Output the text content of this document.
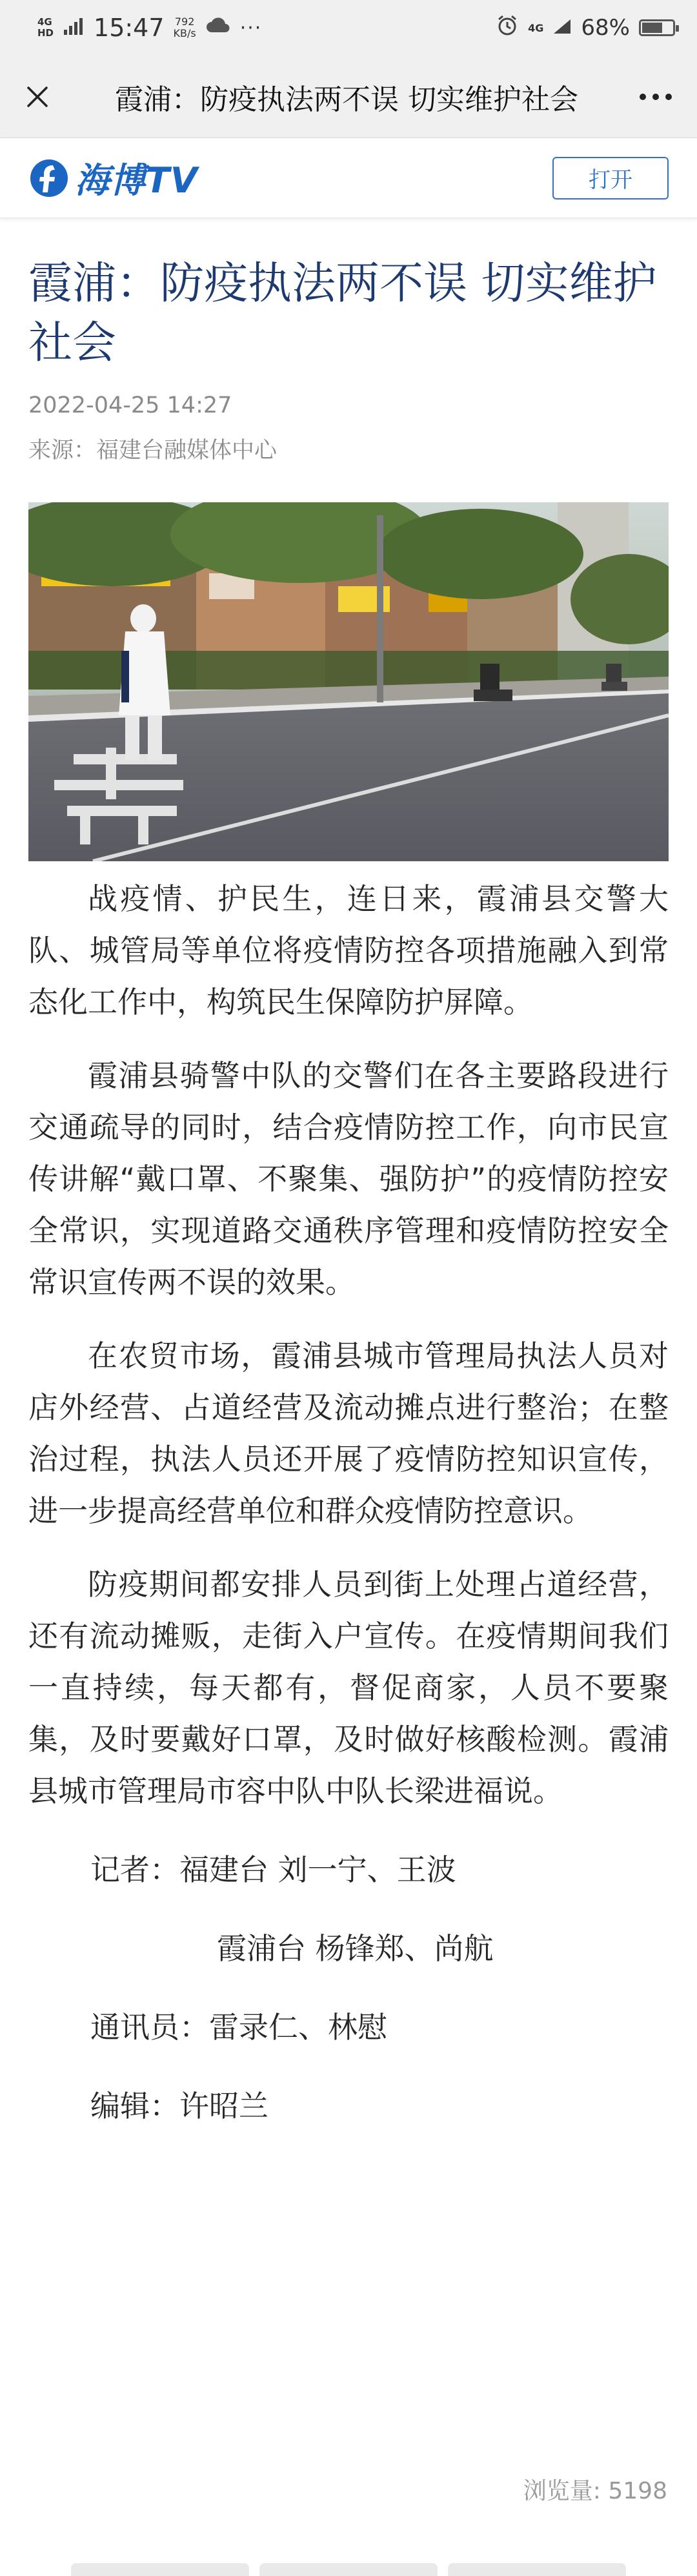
4G
HD 15:47 792
KB/s ···	4G 68%
霞浦：防疫执法两不误 切实维护社会
海博TV	打开
霞浦：防疫执法两不误 切实维护社会
2022-04-25 14:27
来源：福建台融媒体中心

战疫情、护民生，连日来，霞浦县交警大队、城管局等单位将疫情防控各项措施融入到常态化工作中，构筑民生保障防护屏障。

霞浦县骑警中队的交警们在各主要路段进行交通疏导的同时，结合疫情防控工作，向市民宣传讲解“戴口罩、不聚集、强防护”的疫情防控安全常识，实现道路交通秩序管理和疫情防控安全常识宣传两不误的效果。

在农贸市场，霞浦县城市管理局执法人员对店外经营、占道经营及流动摊点进行整治；在整治过程，执法人员还开展了疫情防控知识宣传，进一步提高经营单位和群众疫情防控意识。

防疫期间都安排人员到街上处理占道经营，还有流动摊贩，走街入户宣传。在疫情期间我们一直持续，每天都有，督促商家，人员不要聚集，及时要戴好口罩，及时做好核酸检测。霞浦县城市管理局市容中队中队长梁进福说。

记者：福建台 刘一宁、王波
霞浦台 杨锋郑、尚航
通讯员：雷录仁、林慰
编辑：许昭兰
浏览量: 5198
